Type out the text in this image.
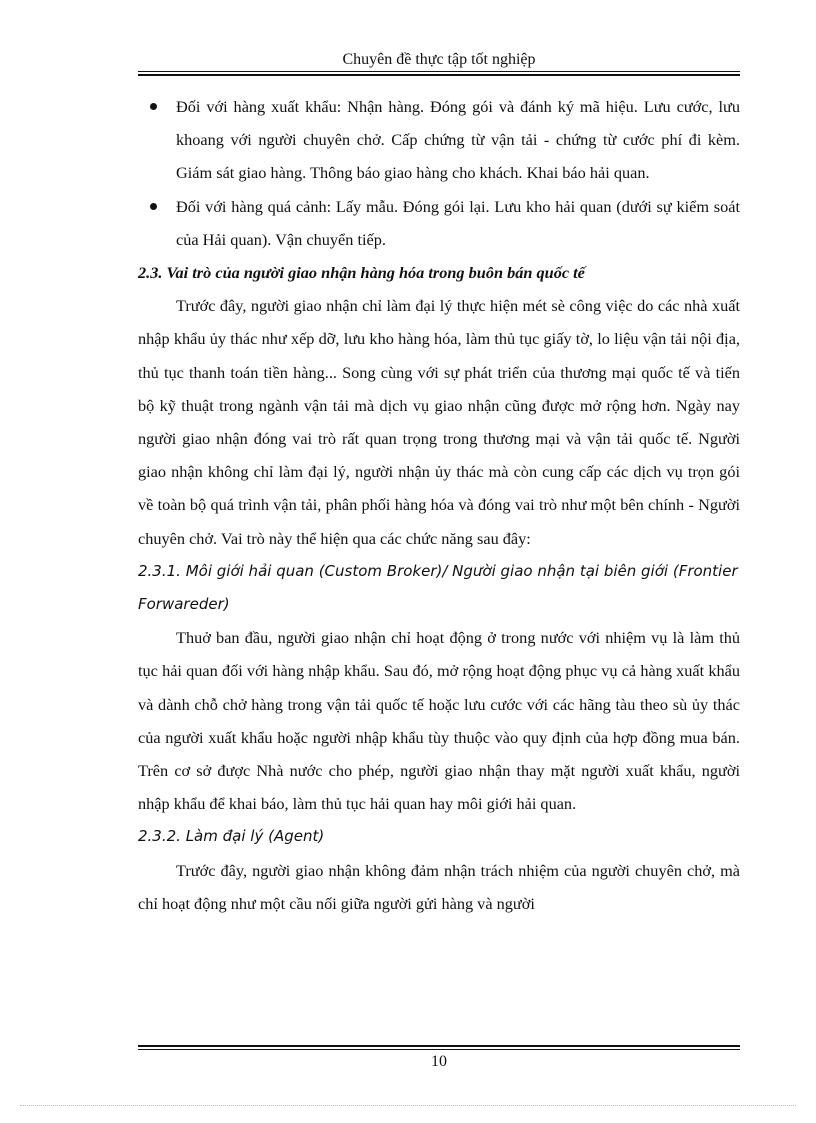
Chuyên đề thực tập tốt nghiệp
Đối với hàng xuất khẩu: Nhận hàng. Đóng gói và đánh ký mã hiệu. Lưu cước, lưu khoang với người chuyên chở. Cấp chứng từ vận tải - chứng từ cước phí đi kèm. Giám sát giao hàng. Thông báo giao hàng cho khách. Khai báo hải quan.
Đối với hàng quá cảnh: Lấy mẫu. Đóng gói lại. Lưu kho hải quan (dưới sự kiểm soát của Hải quan). Vận chuyển tiếp.

2.3. Vai trò của người giao nhận hàng hóa trong buôn bán quốc tế

Trước đây, người giao nhận chỉ làm đại lý thực hiện mét sè công việc do các nhà xuất nhập khẩu ủy thác như xếp dỡ, lưu kho hàng hóa, làm thủ tục giấy tờ, lo liệu vận tải nội địa, thủ tục thanh toán tiền hàng... Song cùng với sự phát triển của thương mại quốc tế và tiến bộ kỹ thuật trong ngành vận tải mà dịch vụ giao nhận cũng được mở rộng hơn. Ngày nay người giao nhận đóng vai trò rất quan trọng trong thương mại và vận tải quốc tế. Người giao nhận không chỉ làm đại lý, người nhận ủy thác mà còn cung cấp các dịch vụ trọn gói về toàn bộ quá trình vận tải, phân phối hàng hóa và đóng vai trò như một bên chính - Người chuyên chở. Vai trò này thể hiện qua các chức năng sau đây:

2.3.1. Môi giới hải quan (Custom Broker)/ Người giao nhận tại biên giới (Frontier Forwareder)

Thuở ban đầu, người giao nhận chỉ hoạt động ở trong nước với nhiệm vụ là làm thủ tục hải quan đối với hàng nhập khẩu. Sau đó, mở rộng hoạt động phục vụ cả hàng xuất khẩu và dành chỗ chở hàng trong vận tải quốc tế hoặc lưu cước với các hãng tàu theo sù ủy thác của người xuất khẩu hoặc người nhập khẩu tùy thuộc vào quy định của hợp đồng mua bán. Trên cơ sở được Nhà nước cho phép, người giao nhận thay mặt người xuất khẩu, người nhập khẩu để khai báo, làm thủ tục hải quan hay môi giới hải quan.

2.3.2. Làm đại lý (Agent)

Trước đây, người giao nhận không đảm nhận trách nhiệm của người chuyên chở, mà chỉ hoạt động như một cầu nối giữa người gửi hàng và người

10
